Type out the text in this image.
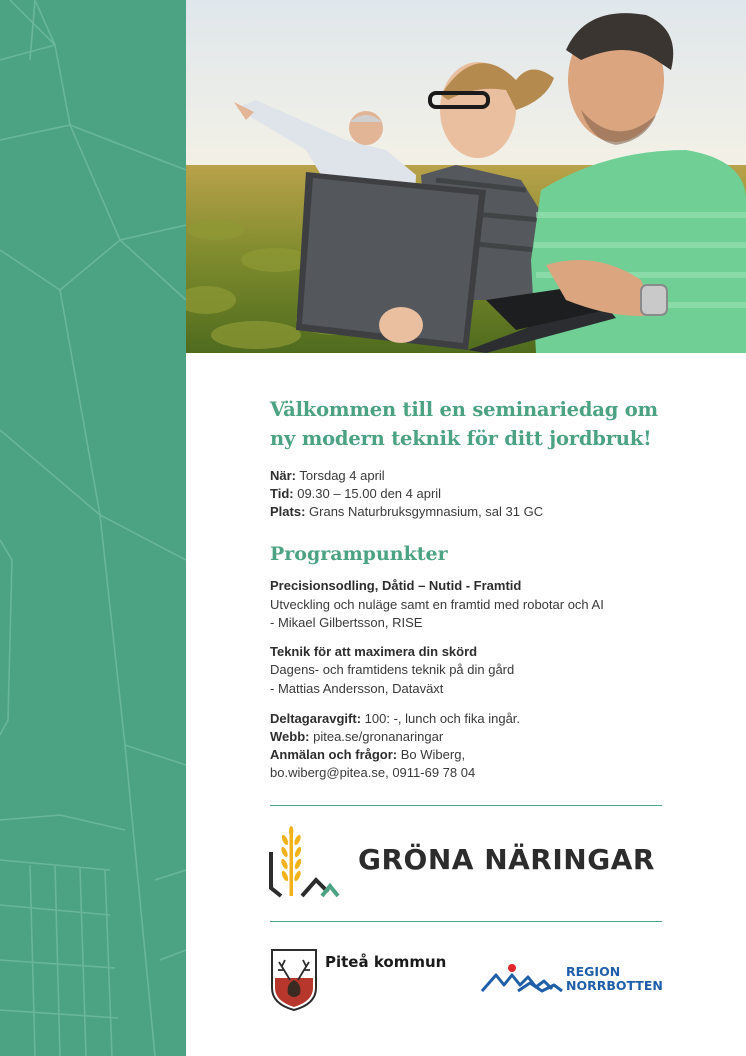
Välkommen till en seminariedag om
ny modern teknik för ditt jordbruk!
När: Torsdag 4 april
Tid: 09.30 – 15.00 den 4 april
Plats: Grans Naturbruksgymnasium, sal 31 GC
Programpunkter
Precisionsodling, Dåtid – Nutid - Framtid
Utveckling och nuläge samt en framtid med robotar och AI
- Mikael Gilbertsson, RISE
Teknik för att maximera din skörd
Dagens- och framtidens teknik på din gård
- Mattias Andersson, Dataväxt
Deltagaravgift: 100: -, lunch och fika ingår.
Webb: pitea.se/gronanaringar
Anmälan och frågor: Bo Wiberg,
bo.wiberg@pitea.se, 0911-69 78 04
GRÖNA NÄRINGAR
Piteå kommun
REGION
NORRBOTTEN
